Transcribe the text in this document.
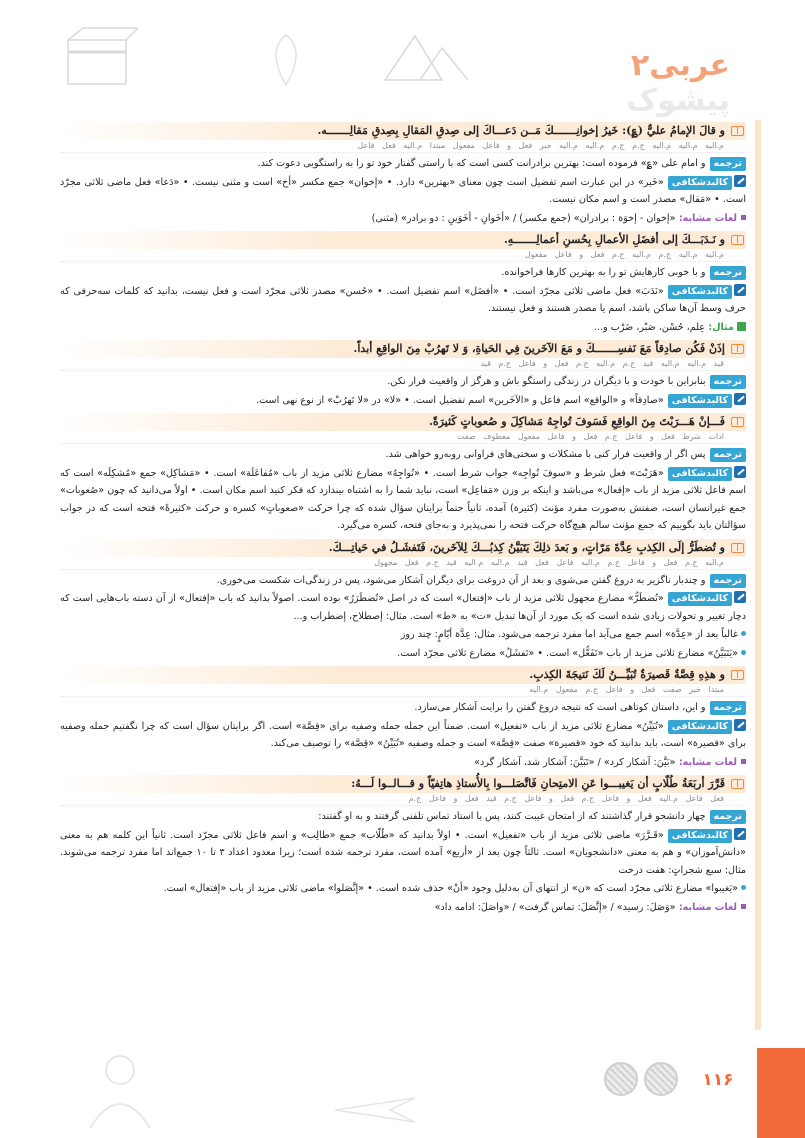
عربی۲ پیشوک
و قالَ الإمامُ عليٌّ (؏): خَيرُ إخوانِـــــــكَ مَــن دَعـــاكَ إلى صِدقِ المَقالِ بِصِدقِ مَقالِـــــــه.
م.اليه م.اليه م.اليه ج.م ج.م م.اليه م.اليه خبر فعل و فاعل مفعول مبتدا م.اليه فعل فاعل
ترجمهو امام علی «؏» فرموده است: بهترین برادرانت کسی است که با راستی گفتار خود تو را به راستگویی دعوت کند.
کالبدشکافی«خَیر» در این عبارت اسم تفضیل است چون معنای «بهترین» دارد. • «إخوان» جمع مکسر «أخ» است و مثنی نیست. • «دَعا» فعل ماضی ثلاثی مجرّد است. • «مَقال» مصدر است و اسم مکان نیست.
لغات مشابه: «إخوان - إخوَة : برادران» (جمع مکسر) / «أخَوانِ - أخَوَینِ : دو برادر» (مثنی)
و نَـدَبَـــكَ إلى أفضَلِ الأعمالِ بِحُسنِ أعمالِـــــــهِ.
م.اليه م.اليه ج.م م.اليه ج.م فعل و فاعل مفعول
ترجمهو با خوبی کارهایش تو را به بهترین کارها فراخوانده.
کالبدشکافی«نَدَبَ» فعل ماضی ثلاثی مجرّد است. • «أفضَل» اسم تفضیل است. • «حُسن» مصدر ثلاثی مجرّد است و فعل نیست، بدانید که کلمات سه‌حرفی که حرف وسط آن‌ها ساکن باشد، اسم یا مصدر هستند و فعل نیستند.
مثال: عِلم، حُسْن، صَبْر، ضَرْب و...
إذَنْ فَكُن صادِقاً مَعَ نَفسِـــــــكَ و مَعَ الآخَرينَ فِي الحَياةِ، وَ لا تَهرُبْ مِنَ الواقِعِ أبداً.
قید م.اليه م.اليه قید ج.م م.اليه ج.م فعل و فاعل ج.م قید
ترجمهبنابراین با خودت و با دیگران در زندگی راستگو باش و هرگز از واقعیت فرار نکن.
کالبدشکافی«صادِقاً» و «الواقع» اسم فاعل و «الآخَرین» اسم تفضیل است. • «لا» در «لا تَهرُبْ» از نوع نهی است.
فَـــإنْ هَـــرَبْتَ مِنَ الواقِعِ فَسَوفَ تُواجِهُ مَشاكِلَ و صُعوباتٍ كَثيرَةً.
ادات شرط فعل و فاعل ج.م فعل و فاعل مفعول معطوف صفت
ترجمهپس اگر از واقعیت فرار کنی با مشکلات و سختی‌های فراوانی روبه‌رو خواهی شد.
کالبدشکافی«هَرَبْتَ» فعل شرط و «سوفَ تُواجِه» جواب شرط است. • «تُواجِهُ» مضارع ثلاثی مزید از باب «مُفاعَلَة» است. • «مَشاکِل» جمع «مُشکِلَه» است که اسم فاعل ثلاثی مزید از باب «إفعال» می‌باشد و اینکه بر وزن «مَفاعِل» است، نباید شما را به اشتباه بیندازد که فکر کنید اسم مکان است. • اولاً می‌دانید که چون «صُعوبات» جمع غیرانسان است، صفتش به‌صورت مفرد مؤنث (کثیرة) آمده، ثانیاً حتماً برایتان سؤال شده که چرا حرکت «صعوباتٍ» کسره و حرکت «کثیرةً» فتحه است که در جواب سؤالتان باید بگوییم که جمع مؤنث سالم هیچ‌گاه حرکت فتحه را نمی‌پذیرد و به‌جای فتحه، کسره می‌گیرد.
و تُضطَرُّ إلَى الكِذبِ عِدَّةَ مَرّاتٍ، و بَعدَ ذلِكَ يَتَبَيَّنُ كِذبُـــكَ لِلآخَرينَ، فَتَفشَـلُ في حَياتِـــكَ.
م.اليه ج.م فعل و فاعل ج.م م.اليه فاعل فعل قید م.اليه م.اليه قید ج.م فعل مجهول
ترجمهو چندبار ناگزیر به دروغ گفتن می‌شوی و بعد از آن دروغت برای دیگران آشکار می‌شود، پس در زندگی‌ات شکست می‌خوری.
کالبدشکافی«تُضطَرُّ» مضارع مجهول ثلاثی مزید از باب «إفتعال» است که در اصل «تُضطَرَرُ» بوده است. اصولاً بدانید که باب «إفتعال» از آن دسته باب‌هایی است که دچار تغییر و تحولات زیادی شده است که یک مورد از آن‌ها تبدیل «ت» به «ط» است. مثال: إصطلاح، إضطراب و...
غالباً بعد از «عِدَّة» اسم جمع می‌آید اما مفرد ترجمه می‌شود. مثال: عِدَّة أیّامٍ: چند روز
«یَتَبَیَّنُ» مضارع ثلاثی مزید از باب «تَفَعُّل» است. • «تَفشَلُ» مضارع ثلاثی مجرّد است.
و هذِهِ قِصَّةٌ قَصيرَةٌ تُبَيِّـــنُ لَكَ نَتيجَةَ الكِذبِ.
مبتدا خبر صفت فعل و فاعل ج.م مفعول م.اليه
ترجمهو این، داستان کوتاهی است که نتیجه دروغ گفتن را برایت آشکار می‌سازد.
کالبدشکافی«تُبَیِّنُ» مضارع ثلاثی مزید از باب «تفعیل» است. ضمناً این جمله جمله وصفیه برای «قِصَّة» است. اگر برایتان سؤال است که چرا نگفتیم جمله وصفیه برای «قصیرة» است، باید بدانید که خود «قصیرة» صفت «قِصَّة» است و جمله وصفیه «تُبَیِّنُ» «قِصَّة» را توصیف می‌کند.
لغات مشابه: «بَیَّنَ: آشکار کرد» / «تَبَیَّنَ: آشکار شد، آشکار گرد»
قَرَّرَ أربَعَةُ طُلّابٍ أن يَغيبـــوا عَنِ الامتِحانِ فَاتَّصَلـــوا بِالأُستاذِ هاتِفيّاً و قـــالــوا لَـــهُ:
فعل فاعل م.اليه فعل و فاعل ج.م فعل و فاعل ج.م قید فعل و فاعل ج.م
ترجمهچهار دانشجو قرار گذاشتند که از امتحان غیبت کنند، پس با استاد تماس تلفنی گرفتند و به او گفتند:
کالبدشکافی«قَـرَّرَ» ماضی ثلاثی مزید از باب «تفعیل» است. • اولاً بدانید که «طُلّاب» جمع «طالِب» و اسم فاعل ثلاثی مجرّد است. ثانیاً این کلمه هم به معنی «دانش‌آموزان» و هم به معنی «دانشجویان» است. ثالثاً چون بعد از «أربع» آمده است، مفرد ترجمه شده است؛ زیرا معدود اعداد ۳ تا ۱۰ جمع‌اند اما مفرد ترجمه می‌شوند. مثال: سبع شجراتٍ: هفت درخت
«یَغیبوا» مضارع ثلاثی مجرّد است که «ن» از انتهای آن به‌دلیل وجود «أنْ» حذف شده است. • «إتَّصَلوا» ماضی ثلاثی مزید از باب «إفتعال» است.
لغات مشابه: «وَصَلَ: رسید» / «إتَّصَلَ: تماس گرفت» / «واصَلَ: ادامه داد»
۱۱۶
